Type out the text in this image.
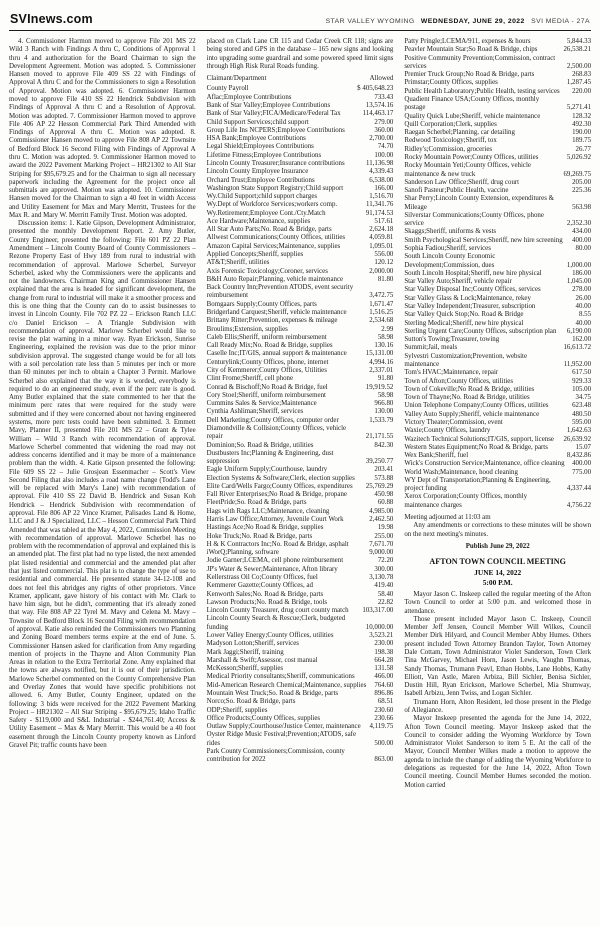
SVInews.com	STAR VALLEY WYOMING WEDNESDAY, JUNE 29, 2022 SVI MEDIA - 27A

4. Commissioner Harmon moved to approve File 201 MS 22 Wild 3 Ranch with Findings A thru C, Conditions of Approval 1 thru 4 and authorization for the Board Chairman to sign the Development Agreement. Motion was adopted. 5. Commissioner Hansen moved to approve File 409 SS 22 with Findings of Approval A thru C and for the Commissioners to sign a Resolution of Approval. Motion was adopted. 6. Commissioner Harmon moved to approve File 410 SS 22 Hendrick Subdivision with Findings of Approval A thru C and a Resolution of Approval. Motion was adopted. 7. Commissioner Harmon moved to approve File 406 AP 22 Hesson Commercial Park Third Amended with Findings of Approval A thru C. Motion was adopted. 8. Commissioner Hansen moved to approve File 808 AP 22 Townsite of Bedford Block 16 Second Filing with Findings of Approval A thru C. Motion was adopted. 9. Commissioner Harmon moved to award the 2022 Pavement Marking Project – HR21302 to All Star Striping for $95,679.25 and for the Chairman to sign all necessary paperwork including the Agreement for the project once all submittals are approved. Motion was adopted. 10. Commissioner Hansen moved for the Chairman to sign a 40 feet in width Access and Utility Easement for Max and Mary Merritt, Trustees for the Max R. and Mary W. Merritt Family Trust. Motion was adopted.

Discussion items: 1. Katie Gipson, Development Administrator, presented the monthly Development Report. 2. Amy Butler, County Engineer, presented the following: File 601 PZ 22 Plan Amendment – Lincoln County Board of County Commissioners – Rezone Property East of Hwy 189 from rural to industrial with recommendation of approval. Marlowe Scherbel, Surveyor Scherbel, asked why the Commissioners were the applicants and not the landowners. Chairman King and Commissioner Hansen explained that the area is headed for significant development, the change from rural to industrial will make it a smoother process and this is one thing that the County can do to assist businesses to invest in Lincoln County. File 702 PZ 22 – Erickson Ranch LLC c/o Daniel Erickson – A Triangle Subdivision with recommendation of approval. Marlowe Scherbel would like to revise the plat warning in a minor way. Ryan Erickson, Sunrise Engineering, explained the revision was due to the prior minor subdivision approval. The suggested change would be for all lots with a soil percolation rate less than 5 minutes per inch or more than 60 minutes per inch to obtain a Chapter 3 Permit. Marlowe Scherbel also explained that the way it is worded, everybody is required to do an engineered study, even if the perc rate is good. Amy Butler explained that the state commented to her that the minimum perc rates that were required for the study were submitted and if they were concerned about not having engineered systems, more perc tests could have been submitted. 3. Emmett Mavy, Planner II, presented File 201 MS 22 – Grant & Tylee William – Wild 3 Ranch with recommendation of approval. Marlowe Scherbel commented that widening the road may not address concerns identified and it may be more of a maintenance problem than the width. 4. Katie Gipson presented the following: File 609 SS 22 – Julie Grosjean Essenmacher – Scott's View Second Filing that also includes a road name change (Todd's Lane will be replaced with Mary's Lane) with recommendation of approval. File 410 SS 22 David B. Hendrick and Susan Koh Hendrick – Hendrick Subdivision with recommendation of approval. File 806 AP 22 Vince Kramer, Palisades Land & Home, LLC and J & J Specialized, LLC – Hesson Commercial Park Third Amended that was tabled at the May 4, 2022, Commission Meeting with recommendation of approval. Marlowe Scherbel has no problem with the recommendation of approval and explained this is an amended plat. The first plat had no type listed, the next amended plat listed residential and commercial and the amended plat after that just listed commercial. This plat is to change the type of use to residential and commercial. He presented statute 34-12-108 and does not feel this abridges any rights of other proprietors. Vince Kramer, applicant, gave history of his contact with Mr. Clark to have him sign, but he didn't, commenting that it's already zoned that way. File 808 AP 22 Tyrel M. Mavy and Celena M. Mavy – Townsite of Bedford Block 16 Second Filing with recommendation of approval. Katie also reminded the Commissioners two Planning and Zoning Board members terms expire at the end of June. 5. Commissioner Hansen asked for clarification from Amy regarding mention of projects in the Thayne and Alton Community Plan Areas in relation to the Extra Territorial Zone. Amy explained that the towns are always notified, but it is out of their jurisdiction. Marlowe Scherbel commented on the County Comprehensive Plan and Overlay Zones that would have specific prohibitions not allowed. 6. Amy Butler, County Engineer, updated on the following: 3 bids were received for the 2022 Pavement Marking Project – HR21302 – All Star Striping - $95,679.25; Idaho Traffic Safety - $119,000 and S&L Industrial - $244,761.40; Access & Utility Easement – Max & Mary Merritt. This would be a 40 foot easement through the Lincoln County property known as Linford Gravel Pit; traffic counts have been

placed on Clark Lane CR 115 and Cedar Creek CR 118; signs are being stored and GPS in the database – 165 new signs and looking into upgrading some guardrail and some powered speed limit signs through High Risk Rural Roads funding.

Claimant/Department	Allowed
County Payroll	$ 405,648.23
Aflac;Employee Contributions	733.43
Bank of Star Valley;Employee Contributions	13,574.16
Bank of Star Valley;FICA/Medicare/Federal Tax	114,463.17
Child Support Services;child support	279.00
Group Life Ins NCPERS;Employee Contributions	360.00
HSA Bank;Employee Contributions	2,700.00
Legal Shield;Employees Contributions	74.70
Lifetime Fitness;Employee Contributions	100.00
Lincoln County Treasurer;Insurance contributions	11,136.98
Lincoln County Employee Insurance	4,339.43
Orchard Trust;Employee Contributions	6,538.00
Washington State Support Registry;Child support	166.00
Wy.Child Support;child support charges	1,516.70
Wy.Dept of Workforce Services;workers comp.	11,341.76
Wy.Retirement;Employee Cont./Cty.Match	91,174.53
Ace Hardware;Maintenance, supplies	517.61
All Star Auto Parts;No. Road & Bridge, parts	2,624.18
Allwest Communications;County Offices, utilities	4,059.81
Amazon Capital Services;Maintenance, supplies	1,095.01
Applied Concepts;Sheriff, supplies	556.00
AT&T;Sheriff, utilities	120.12
Axis Forensic Toxicology;Coroner, services	2,000.00
B&H Auto Repair;Planning, vehicle maintenance	81.80
Back Country Inn;Prevention ATODS, event security reimbursement	3,472.75
Bomgaars Supply;County Offices, parts	1,671.47
Bridgerland Carquest;Sheriff, vehicle maintenance	1,516.25
Brittany Ritter;Prevention, expenses & mileage	2,534.68
Broulims;Extension, supplies	2.99
Caleb Ellis;Sheriff, uniform reimbursement	58.98
Call Ready Mix;No. Road & Bridge, supplies	130.16
Caselle Inc;IT/GIS, annual support & maintenance	15,131.00
Centurylink;County Offices, phone, internet	4,994.16
City of Kemmerer;County Offices, Utilities	2,337.01
Clint Frome;Sheriff, cell phone	91.80
Conrad & Bischoff;No Road & Bridge, fuel	19,919.52
Cory Stoel;Sheriff, uniform reimbursement	58.98
Cummins Sales & Service;Maintenance	966.80
Cynthia Ashliman;Sheriff, services	130.00
Dell Marketing;County Offices, computer order	1,533.79
Diamondville & Collision;County Offices, vehicle repair	21,171.55
Dominion;So. Road & Bridge, utilities	842.30
Dustbusters Inc;Planning & Engineering, dust suppression	39,250.77
Eagle Uniform Supply;Courthouse, laundry	203.41
Election Systems & Software;Clerk, election supplies	573.88
Elite Card/Wells Fargo;County Offices, expenditures 25,769.29
Fall River Enterprises;No Road & Bridge, propane	450.98
FleetPride;So. Road & Bridge, parts	60.88
Hags with Rags LLC;Maintenance, cleaning	4,985.00
Harris Law Office;Attorney, Juvenile Court Work	2,462.50
Hastings Ace;No Road & Bridge, supplies	19.98
Hoke Truck;No. Road & Bridge, parts	255.00
H & K Contractors Inc;No. Road & Bridge, asphalt	7,671.70
iWorQ;Planning, software	9,000.00
Jodie Garner;LCEMA, cell phone reimbursement	72.20
JP's Water & Sewer;Maintenance, Afton library	300.00
Kellerstrass Oil Co;County Offices, fuel	3,130.78
Kemmerer Gazette;County Offices, ad	419.40
Kenworth Sales;No. Road & Bridge, parts	58.40
Lawson Products;No. Road & Bridge, tools	22.82
Lincoln County Treasurer, drug court county match 103,317.00
Lincoln County Search & Rescue;Clerk, budgeted funding	10,000.00
Lower Valley Energy;County Offices, utilities	3,523.21
Madyson Lotton;Sheriff, services	230.00
Mark Jaggi;Sheriff, training	198.38
Marshall & Swift;Assessor, cost manual	664.28
McKesson;Sheriff, supplies	131.58
Medical Priority consultants;Sheriff, communications	466.00
Mid-American Research Chemical;Maintenance, supplies 764.60
Mountain West Truck;So. Road & Bridge, parts	896.86
Norco;So. Road & Bridge, parts	68.51
ODP;Sheriff, supplies	230.60
Office Products;County Offices, supplies	230.66
Outlaw Supply;Courthouse/Justice Center, maintenance 4,119.75
Oyster Ridge Music Festival;Prevention;ATODS, safe rides	500.00
Park County Commissioners;Commission, county contribution for 2022	863.00
Patty Pringle;LCEMA/911, expenses & hours	5,844.33
Peavler Mountain Star;So Road & Bridge, chips	26,538.21
Positive Community Prevention;Commission, contract services	2,500.00
Premier Truck Group;No Road & Bridge, parts	268.83
Primstar;County Offices, supplies	1,287.45
Public Health Laboratory;Public Health, testing services 220.00
Quadient Finance USA;County Offices, monthly postage	5,271.41
Quality Quick Lube;Sheriff, vehicle maintenance	128.32
Quill Corporation;Clerk, supplies	492.30
Raegan Scherbel;Planning, car detailing	190.00
Redwood Toxicology;Sheriff, tox	189.75
Ridley's;Commission, groceries	26.77
Rocky Mountain Power;County Offices, utilities	5,026.92
Rocky Mountain Yeti;County Offices, vehicle maintenance & new truck	69,269.75
Sanderson Law Office;Sheriff, drug court	205.00
Sanofi Pasteur;Public Health, vaccine	225.36
Shar Perry;Lincoln County Extension, expenditures & Mileage	563.98
Silverstar Communications;County Offices, phone service	2,352.30
Skaggs;Sheriff, uniforms & vests	434.00
Smith Psychological Services;Sheriff, new hire screening 400.00
Sophia Fadiou;Sheriff, services	80.00
South Lincoln County Economic Development;Commission, dues	1,000.00
South Lincoln Hospital;Sheriff, new hire physical	186.00
Star Valley Auto;Sheriff, vehicle repair	1,045.00
Star Valley Disposal Inc;County Offices, services	278.00
Star Valley Glass & Lock;Maintenance, rekey	26.00
Star Valley Independent;Treasurer, subscription	40.00
Star Valley Quick Stop;No. Road & Bridge	8.55
Sterling Medical;Sheriff, new hire physical	40.00
Sterling Urgent Care;County Offices, subscription plan 6,190.00
Sutton's Towing;Treasurer, towing	162.00
Summit;Jail, meals	16,613.72
Sylvestri Customization;Prevention, website maintenance	11,952.00
Tom's HVAC;Maintenance, repair	617.50
Town of Afton;County Offices, utilities	929.33
Town of Cokeville;No Road & Bridge, utilities	105.00
Town of Thayne;No. Road & Bridge, utilities	34.75
Union Telephone Company;County Offices, utilities	623.48
Valley Auto Supply;Sheriff, vehicle maintenance	480.50
Victory Theater;Commission, event	595.00
Waxie;County Offices, laundry	1,642.63
Wazitech Technical Solutions;IT/GIS, support, license 26,639.92
Western States Equipment;No Road & Bridge, parts	15.07
Wex Bank;Sheriff, fuel	8,432.86
Wick's Construction Service;Maintenance, office cleaning 400.00
World Wash;Maintenance, hood cleaning	775.00
WY Dept of Transportation;Planning & Engineering, project funding	4,337.44
Xerox Corporation;County Offices, monthly maintenance charges	4,756.22

Meeting adjourned at 11:03 am

Any amendments or corrections to these minutes will be shown on the next meeting's minutes.

Publish June 29, 2022

AFTON TOWN COUNCIL MEETING
JUNE 14, 2022
5:00 P.M.

Mayor Jason C. Inskeep called the regular meeting of the Afton Town Council to order at 5:00 p.m. and welcomed those in attendance.

Those present included Mayor Jason C. Inskeep, Council Member Jeff Jensen, Council Member Will Wilkes, Council Member Dirk Hilyard, and Council Member Abby Humes. Others present included Town Attorney Brandon Taylor, Town Attorney Dale Cottam, Town Administrator Violet Sanderson, Town Clerk Tina McGarvey, Michael Horn, Jason Lewis, Vaughn Thomas, Sandy Thomas, Trumann Peavl, Ethan Hobbs, Lane Hobbs, Kathy Elliott, Van Astle, Maren Arbiza, Bill Sichler, Benisa Sichler, Dustin Hill, Ryan Erickson, Marlowe Scherbel, Mia Shumway, Isabell Arbizu, Jenn Twiss, and Logan Sichler.

Trumann Horn, Alton Resident, led those present in the Pledge of Allegiance.

Mayor Inskeep presented the agenda for the June 14, 2022, Afton Town Council meeting. Mayor Inskeep asked that the Council to consider adding the Wyoming Workforce by Town Administrator Violet Sanderson to item 5 E. At the call of the Mayor, Council Member Wilkes made a motion to approve the agenda to include the change of adding the Wyoming Workforce to delegations as requested for the June 14, 2022, Afton Town Council meeting. Council Member Humes seconded the motion. Motion carried
